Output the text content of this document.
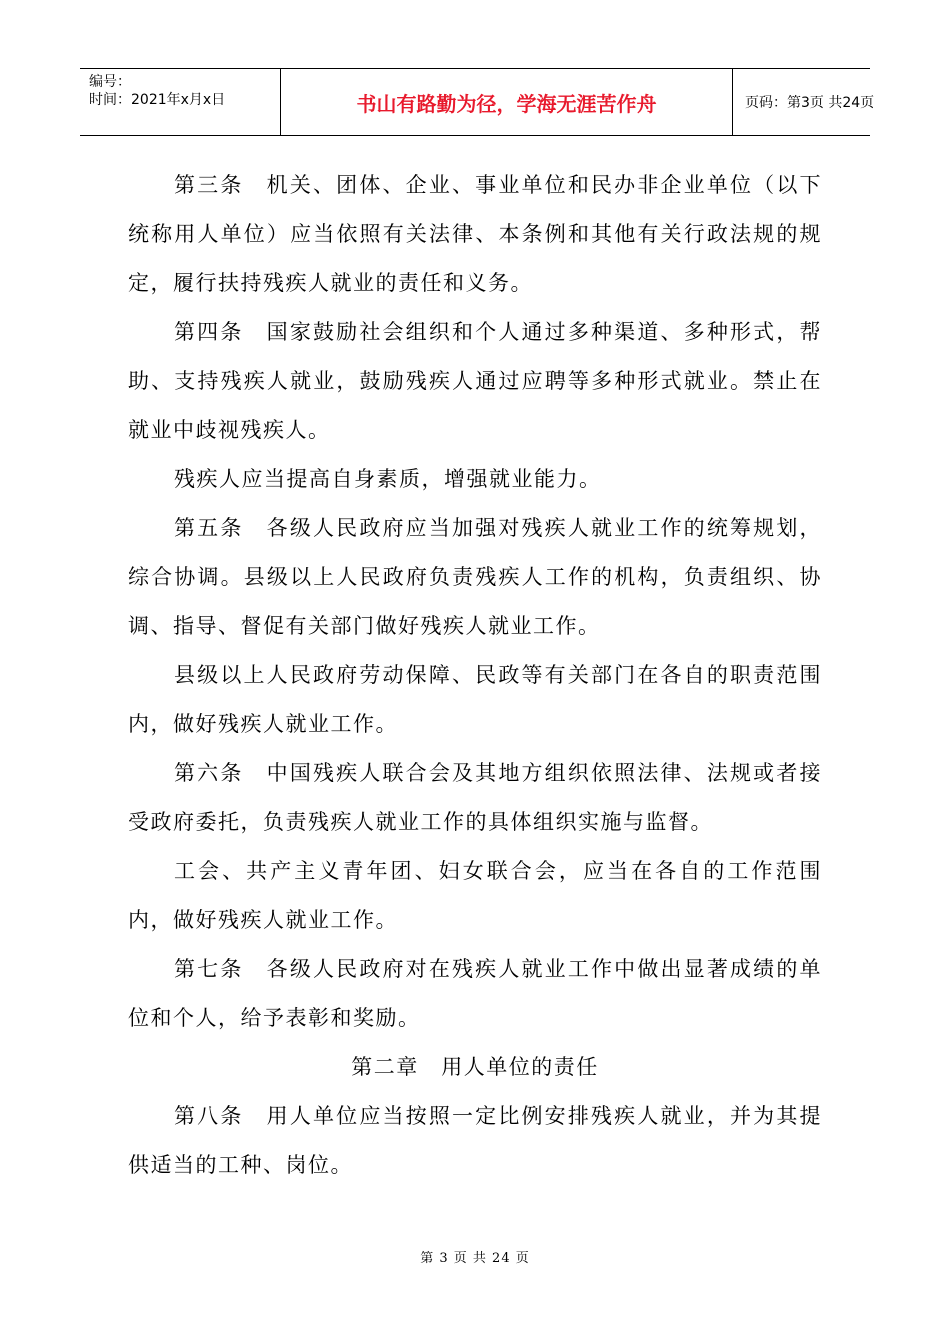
编号：
时间：2021年x月x日	书山有路勤为径，学海无涯苦作舟	页码：第3页 共24页

第三条　机关、团体、企业、事业单位和民办非企业单位（以下统称用人单位）应当依照有关法律、本条例和其他有关行政法规的规定，履行扶持残疾人就业的责任和义务。

第四条　国家鼓励社会组织和个人通过多种渠道、多种形式，帮助、支持残疾人就业，鼓励残疾人通过应聘等多种形式就业。禁止在就业中歧视残疾人。

残疾人应当提高自身素质，增强就业能力。

第五条　各级人民政府应当加强对残疾人就业工作的统筹规划，综合协调。县级以上人民政府负责残疾人工作的机构，负责组织、协调、指导、督促有关部门做好残疾人就业工作。

县级以上人民政府劳动保障、民政等有关部门在各自的职责范围内，做好残疾人就业工作。

第六条　中国残疾人联合会及其地方组织依照法律、法规或者接受政府委托，负责残疾人就业工作的具体组织实施与监督。

工会、共产主义青年团、妇女联合会，应当在各自的工作范围内，做好残疾人就业工作。

第七条　各级人民政府对在残疾人就业工作中做出显著成绩的单位和个人，给予表彰和奖励。

第二章　用人单位的责任

第八条　用人单位应当按照一定比例安排残疾人就业，并为其提供适当的工种、岗位。

第 3 页 共 24 页
